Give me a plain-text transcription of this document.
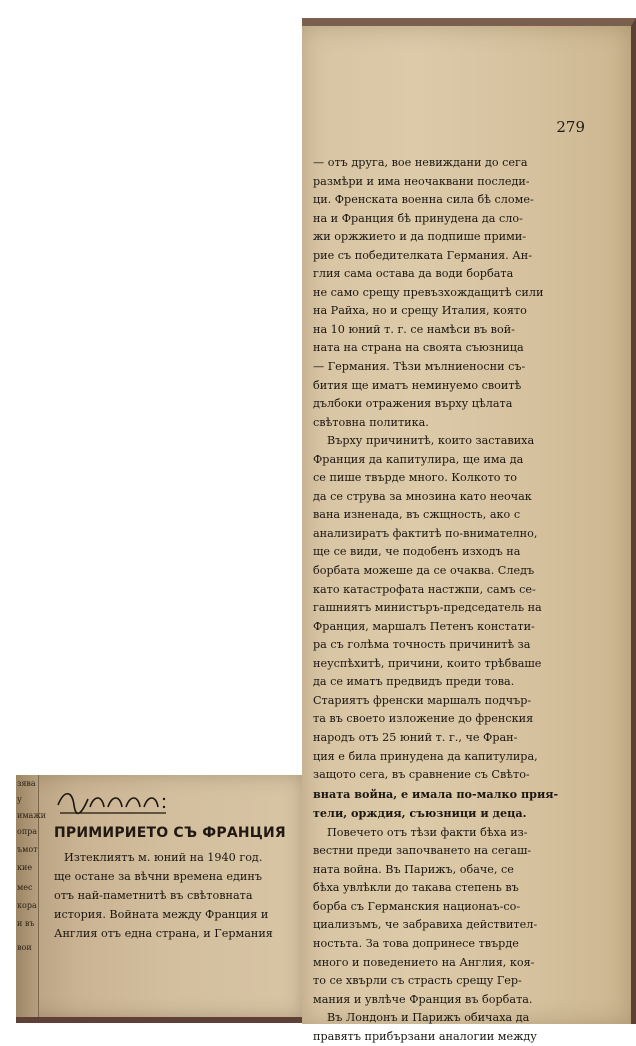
279

— отъ друга, вое невиждани до сега
размѣри и има неочаквани последи-
ци. Френската военна сила бѣ сломе-
на и Франция бѣ принудена да сло-
жи оржжието и да подпише прими-
рие съ победителката Германия. Ан-
глия сама остава да води борбата
не само срещу превъзхождащитѣ сили
на Райха, но и срещу Италия, която
на 10 юний т. г. се намѣси въ вой-
ната на страна на своята съюзница
— Германия. Тѣзи мълниеносни съ-
бития ще иматъ неминуемо своитѣ
дълбоки отражения върху цѣлата
свѣтовна политика.

Върху причинитѣ, които заставиха
Франция да капитулира, ще има да
се пише твърде много. Колкото то
да се струва за мнозина като неочак
вана изненада, въ сжщность, ако с
анализиратъ фактитѣ по-внимателно,
ще се види, че подобенъ изходъ на
борбата можеше да се очаква. Следъ
като катастрофата настжпи, самъ се-
гашниятъ министъръ-председатель на
Франция, маршалъ Петенъ констати-
ра съ голѣма точность причинитѣ за
неуспѣхитѣ, причини, които трѣбваше
да се иматъ предвидъ преди това.
Стариятъ френски маршалъ подчър-
та въ своето изложение до френския
народъ отъ 25 юний т. г., че Фран-
ция е била принудена да капитулира,
защото сега, въ сравнение съ Свѣто-
вната война, е имала по-малко прия-
тели, орждия, съюзници и деца.

Повечето отъ тѣзи факти бѣха из-
вестни преди започването на сегаш-
ната война. Въ Парижъ, обаче, се
бѣха увлѣкли до такава степень въ
борба съ Германския национаъ-со-
циализъмъ, че забравиха действител-
ностьта. За това допринесе твърде
много и поведението на Англия, коя-
то се хвърли съ страсть срещу Гер-
мания и увлѣче Франция въ борбата.

Въ Лондонъ и Парижъ обичаха да
правятъ прибързани аналогии между

зява
у
имажи
опра
ъмот
кие
мес
кора
и въ
вои
ПРИМИРИЕТО СЪ ФРАНЦИЯ

Изтеклиятъ м. юний на 1940 год.
ще остане за вѣчни времена единъ
отъ най-паметнитѣ въ свѣтовната
история. Войната между Франция и
Англия отъ една страна, и Германия
